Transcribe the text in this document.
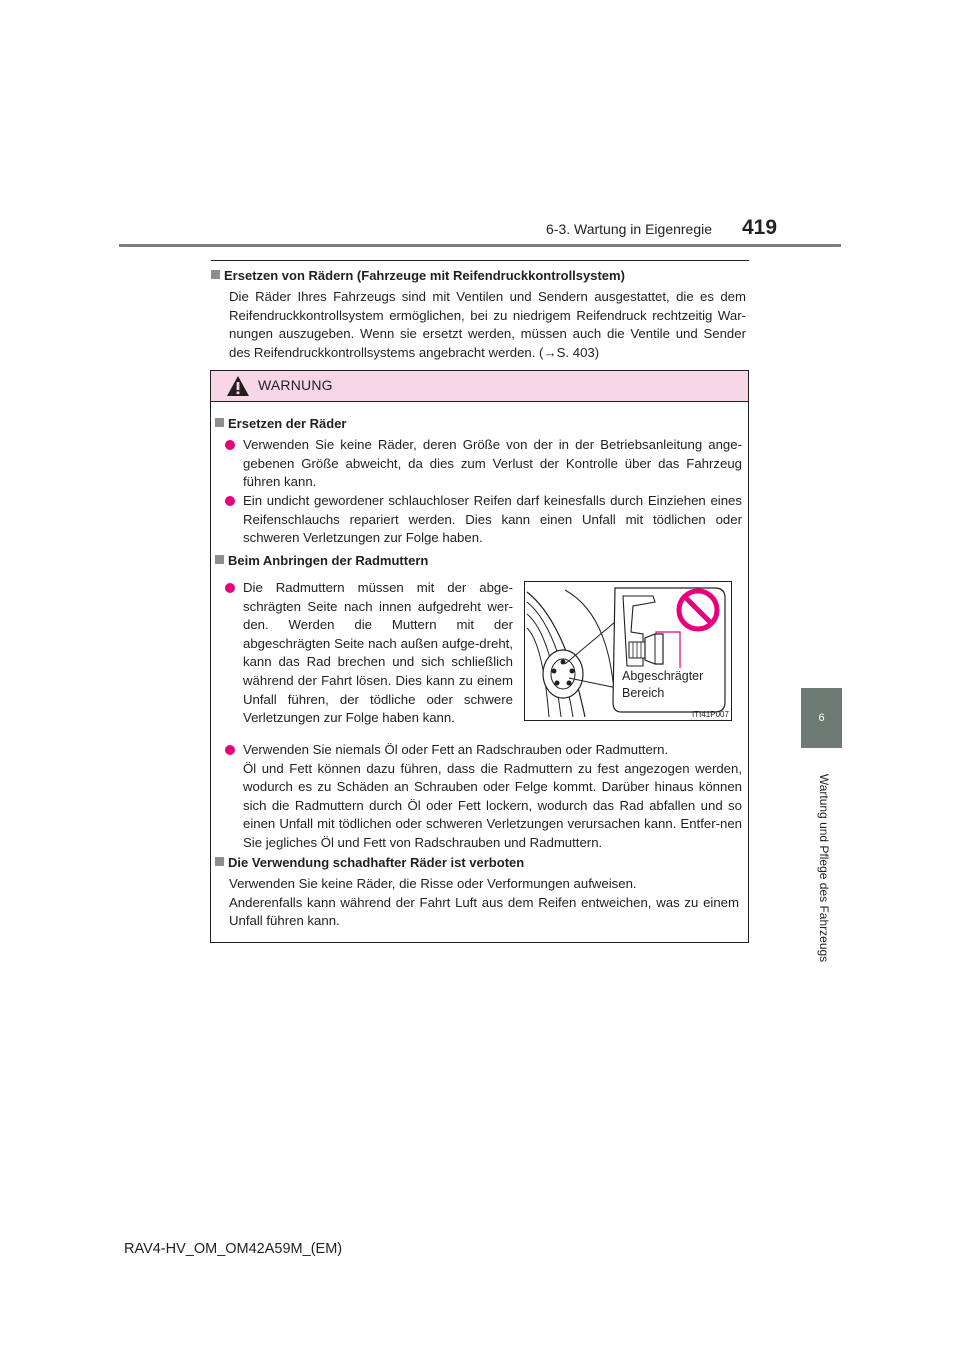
6-3. Wartung in Eigenregie 419
6
Wartung und Pflege des Fahrzeugs
Ersetzen von Rädern (Fahrzeuge mit Reifendruckkontrollsystem)
Die Räder Ihres Fahrzeugs sind mit Ventilen und Sendern ausgestattet, die es dem Reifendruckkontrollsystem ermöglichen, bei zu niedrigem Reifendruck rechtzeitig War-nungen auszugeben. Wenn sie ersetzt werden, müssen auch die Ventile und Sender des Reifendruckkontrollsystems angebracht werden. (→S. 403)
WARNUNG
Ersetzen der Räder
Verwenden Sie keine Räder, deren Größe von der in der Betriebsanleitung ange-gebenen Größe abweicht, da dies zum Verlust der Kontrolle über das Fahrzeug führen kann.
Ein undicht gewordener schlauchloser Reifen darf keinesfalls durch Einziehen eines Reifenschlauchs repariert werden. Dies kann einen Unfall mit tödlichen oder schweren Verletzungen zur Folge haben.
Beim Anbringen der Radmuttern
Die Radmuttern müssen mit der abge-schrägten Seite nach innen aufgedreht wer-den. Werden die Muttern mit der abgeschrägten Seite nach außen aufge-dreht, kann das Rad brechen und sich schließlich während der Fahrt lösen. Dies kann zu einem Unfall führen, der tödliche oder schwere Verletzungen zur Folge haben kann.
Abgeschrägter
Bereich
ITI41P007
Verwenden Sie niemals Öl oder Fett an Radschrauben oder Radmuttern.
Öl und Fett können dazu führen, dass die Radmuttern zu fest angezogen werden, wodurch es zu Schäden an Schrauben oder Felge kommt. Darüber hinaus können sich die Radmuttern durch Öl oder Fett lockern, wodurch das Rad abfallen und so einen Unfall mit tödlichen oder schweren Verletzungen verursachen kann. Entfer-nen Sie jegliches Öl und Fett von Radschrauben und Radmuttern.
Die Verwendung schadhafter Räder ist verboten
Verwenden Sie keine Räder, die Risse oder Verformungen aufweisen.
Anderenfalls kann während der Fahrt Luft aus dem Reifen entweichen, was zu einem Unfall führen kann.
RAV4-HV_OM_OM42A59M_(EM)
